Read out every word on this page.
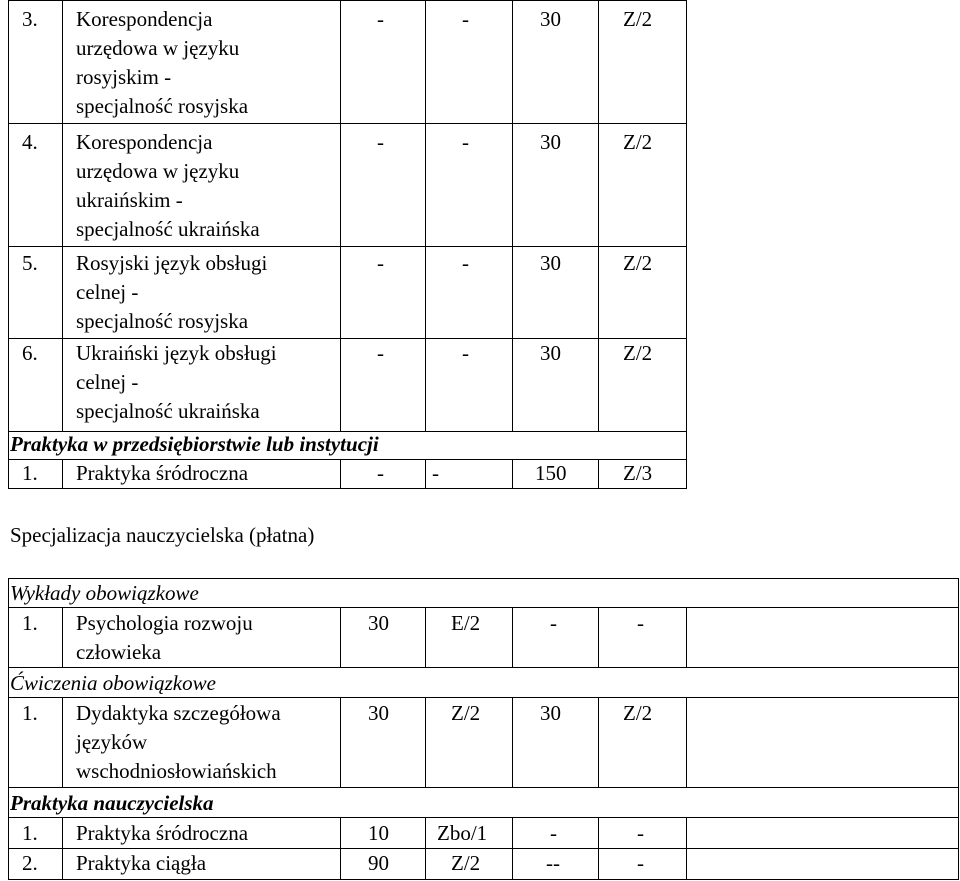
3. Korespondencja
urzędowa w języku
rosyjskim -
specjalność rosyjska
-	-	30	Z/2
4. Korespondencja
urzędowa w języku
ukraińskim -
specjalność ukraińska
-	-	30	Z/2
5. Rosyjski język obsługi
celnej -
specjalność rosyjska
-	-	30	Z/2
6. Ukraiński język obsługi
celnej -
specjalność ukraińska
-	-	30	Z/2
Praktyka w przedsiębiorstwie lub instytucji
1. Praktyka śródroczna	- -	150	Z/3
Specjalizacja nauczycielska (płatna)
Wykłady obowiązkowe
1. Psychologia rozwoju
człowieka
30	E/2	-	-
Ćwiczenia obowiązkowe
1. Dydaktyka szczegółowa
języków
wschodniosłowiańskich
30	Z/2	30	Z/2
Praktyka nauczycielska
1. Praktyka śródroczna	10 Zbo/1	-	-
2. Praktyka ciągła	90	Z/2	--	-
